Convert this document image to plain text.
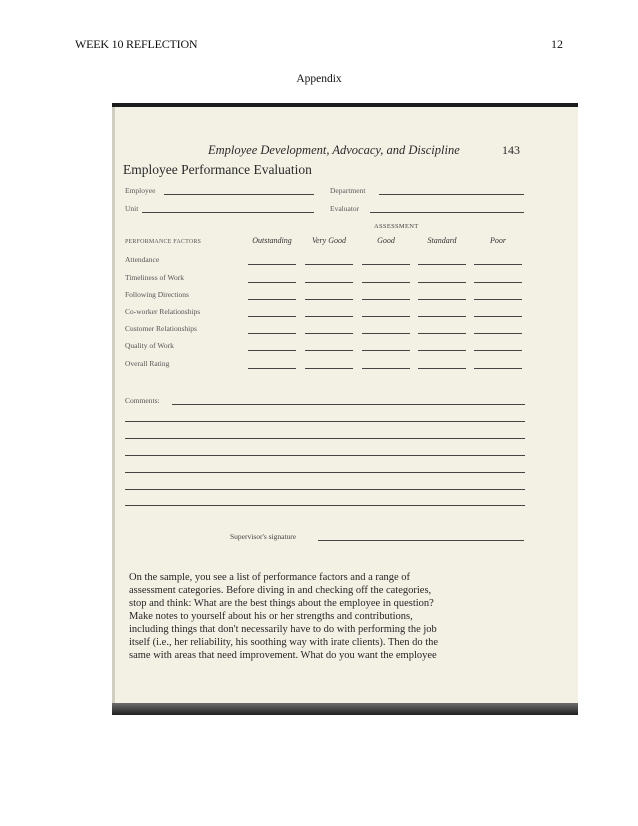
WEEK 10 REFLECTION	12
Appendix
Employee Development, Advocacy, and Discipline	143
Employee Performance Evaluation
Employee	Department
Unit	Evaluator
ASSESSMENT
PERFORMANCE FACTORS	Outstanding	Very Good	Good	Standard	Poor
Attendance
Timeliness of Work
Following Directions
Co-worker Relationships
Customer Relationships
Quality of Work
Overall Rating
Comments:
Supervisor's signature
On the sample, you see a list of performance factors and a range of
assessment categories. Before diving in and checking off the categories,
stop and think: What are the best things about the employee in question?
Make notes to yourself about his or her strengths and contributions,
including things that don't necessarily have to do with performing the job
itself (i.e., her reliability, his soothing way with irate clients). Then do the
same with areas that need improvement. What do you want the employee
